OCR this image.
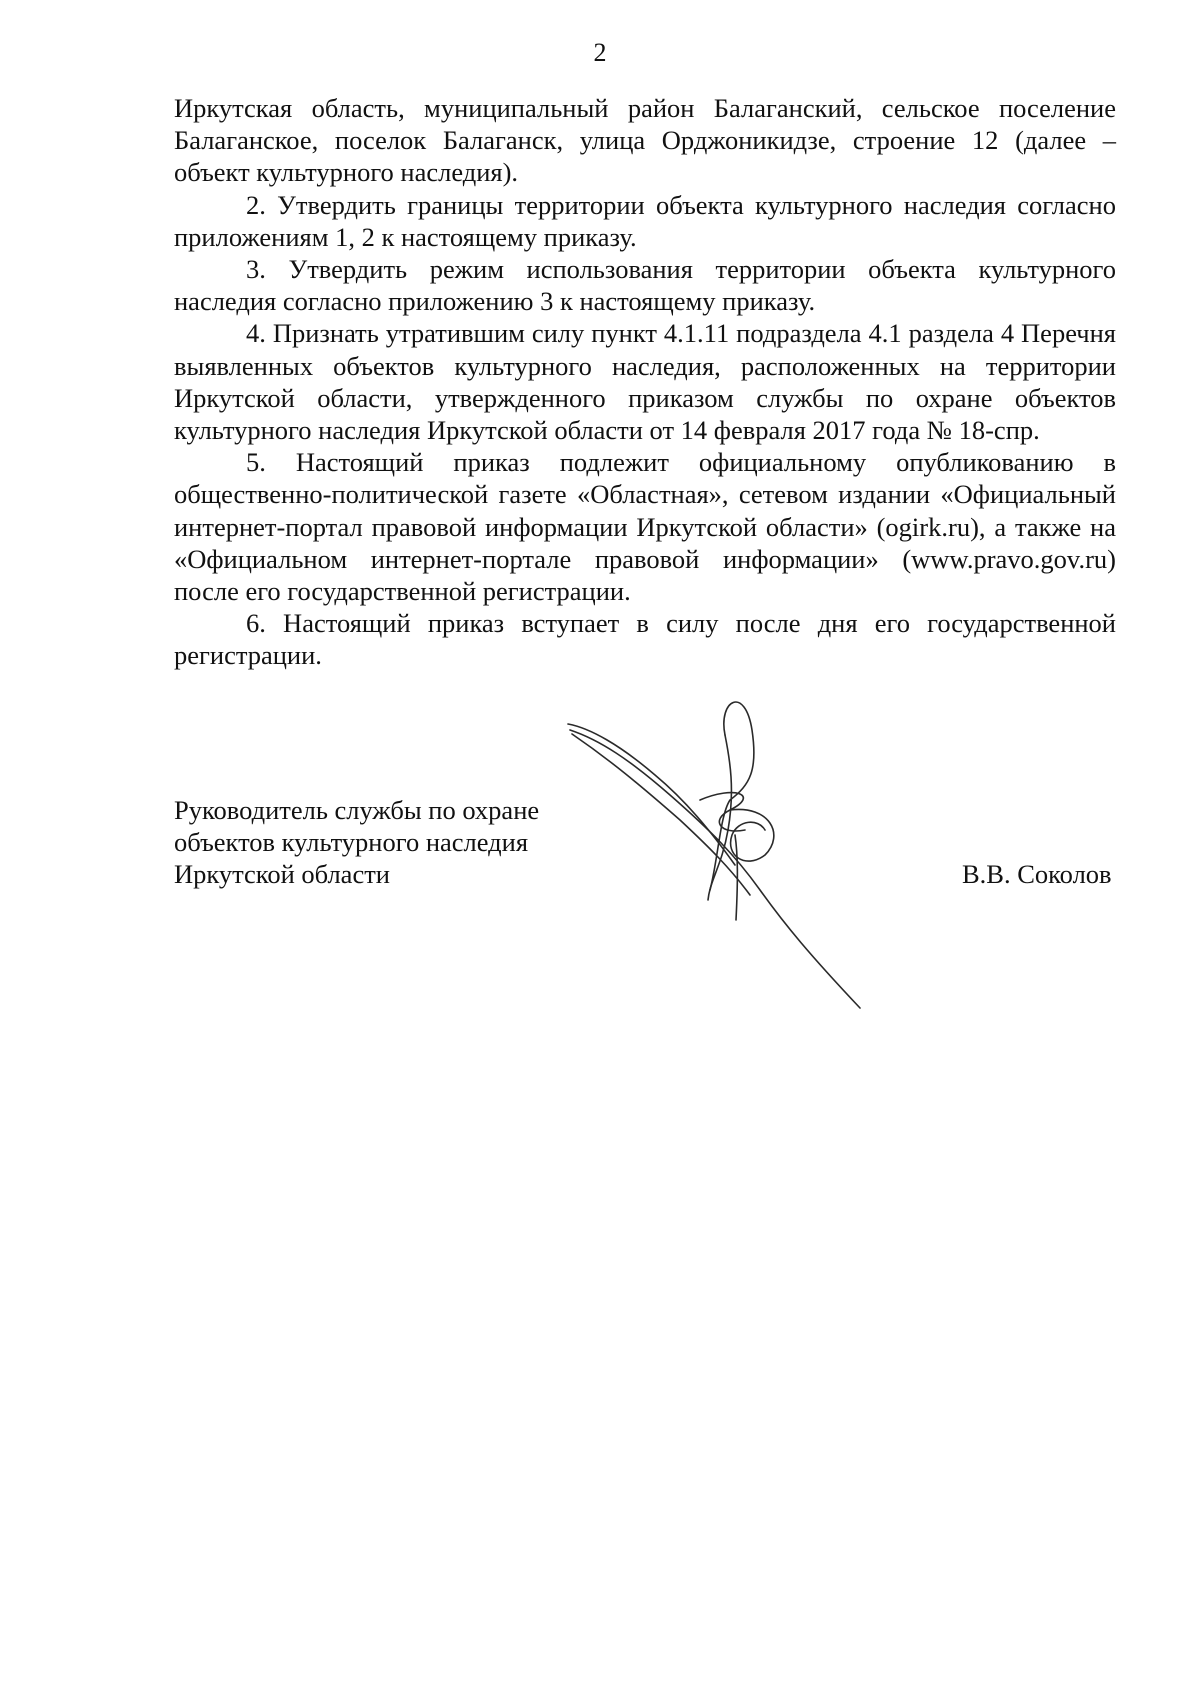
2

Иркутская область, муниципальный район Балаганский, сельское поселение Балаганское, поселок Балаганск, улица Орджоникидзе, строение 12 (далее – объект культурного наследия).

2. Утвердить границы территории объекта культурного наследия согласно приложениям 1, 2 к настоящему приказу.

3. Утвердить режим использования территории объекта культурного наследия согласно приложению 3 к настоящему приказу.

4. Признать утратившим силу пункт 4.1.11 подраздела 4.1 раздела 4 Перечня выявленных объектов культурного наследия, расположенных на территории Иркутской области, утвержденного приказом службы по охране объектов культурного наследия Иркутской области от 14 февраля 2017 года № 18-спр.

5. Настоящий приказ подлежит официальному опубликованию в общественно-политической газете «Областная», сетевом издании «Официальный интернет-портал правовой информации Иркутской области» (ogirk.ru), а также на «Официальном интернет-портале правовой информации» (www.pravo.gov.ru) после его государственной регистрации.

6. Настоящий приказ вступает в силу после дня его государственной регистрации.

Руководитель службы по охране
объектов культурного наследия
Иркутской области	В.В. Соколов
